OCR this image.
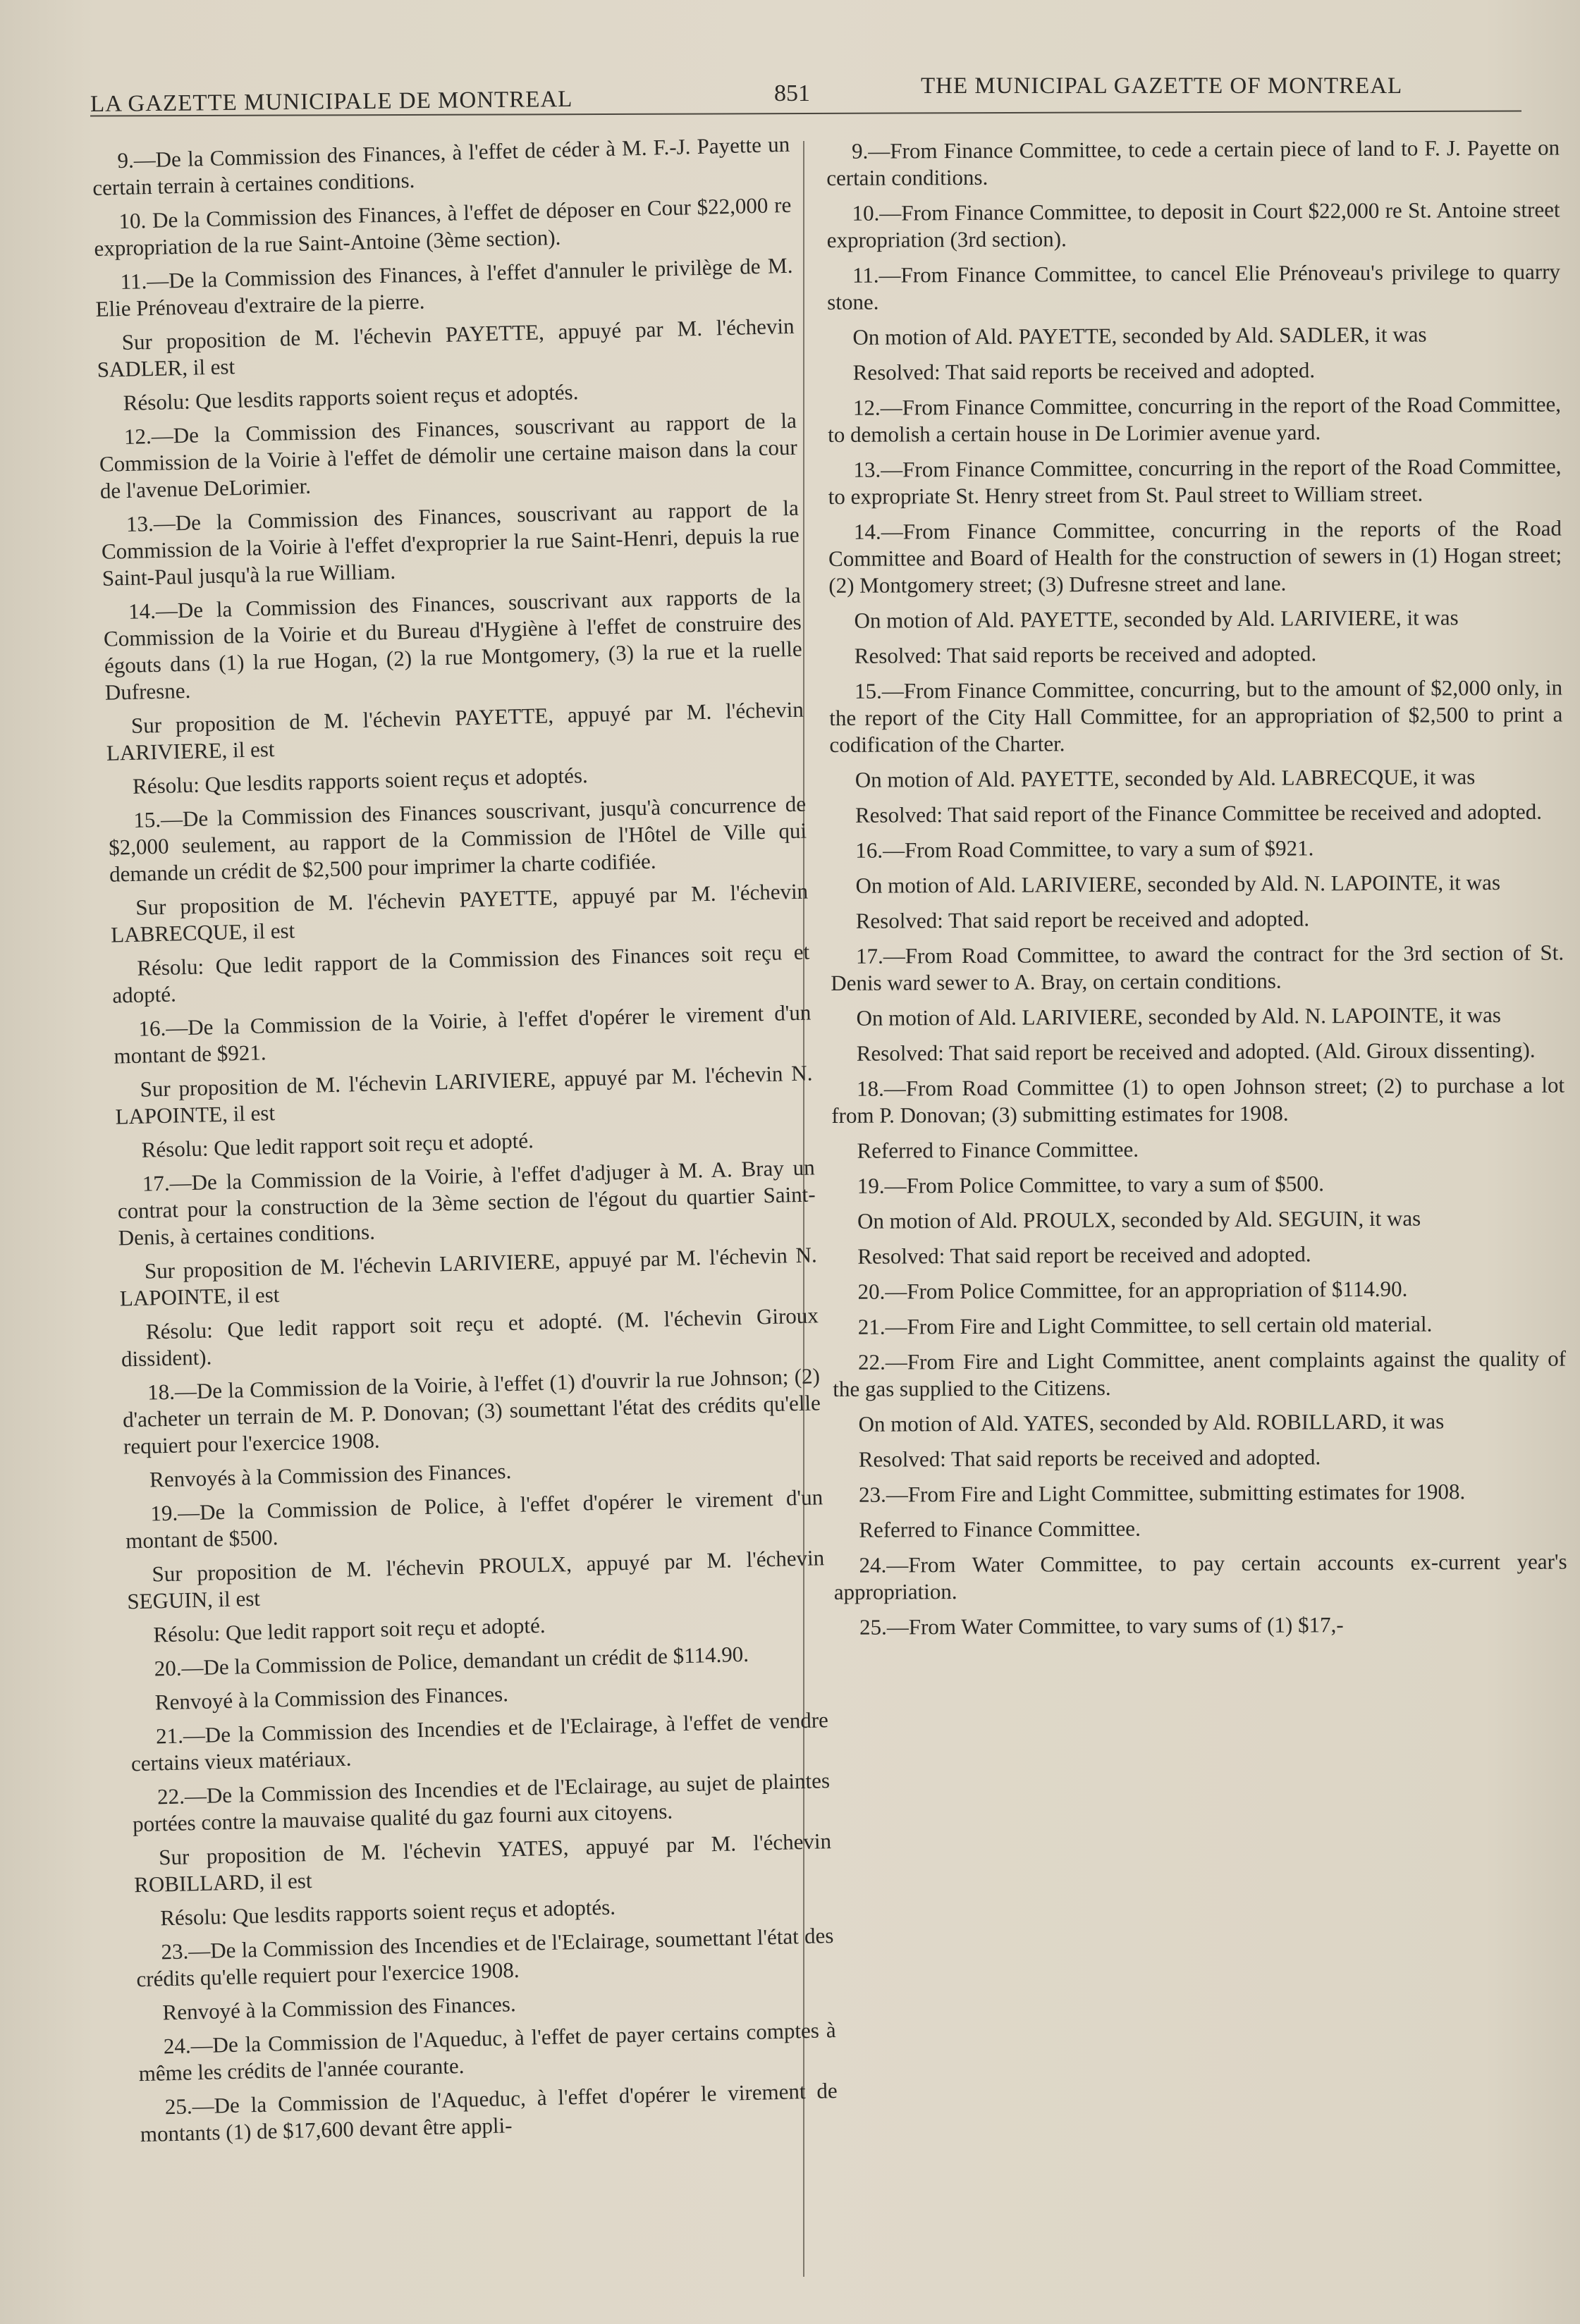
LA GAZETTE MUNICIPALE DE MONTREAL	851	THE MUNICIPAL GAZETTE OF MONTREAL

9.—De la Commission des Finances, à l'effet de céder à M. F.-J. Payette un certain terrain à certaines conditions.

10. De la Commission des Finances, à l'effet de déposer en Cour $22,000 re expropriation de la rue Saint-Antoine (3ème section).

11.—De la Commission des Finances, à l'effet d'annuler le privilège de M. Elie Prénoveau d'extraire de la pierre.

Sur proposition de M. l'échevin PAYETTE, appuyé par M. l'échevin SADLER, il est

Résolu: Que lesdits rapports soient reçus et adoptés.

12.—De la Commission des Finances, souscrivant au rapport de la Commission de la Voirie à l'effet de démolir une certaine maison dans la cour de l'avenue DeLorimier.

13.—De la Commission des Finances, souscrivant au rapport de la Commission de la Voirie à l'effet d'exproprier la rue Saint-Henri, depuis la rue Saint-Paul jusqu'à la rue William.

14.—De la Commission des Finances, souscrivant aux rapports de la Commission de la Voirie et du Bureau d'Hygiène à l'effet de construire des égouts dans (1) la rue Hogan, (2) la rue Montgomery, (3) la rue et la ruelle Dufresne.

Sur proposition de M. l'échevin PAYETTE, appuyé par M. l'échevin LARIVIERE, il est

Résolu: Que lesdits rapports soient reçus et adoptés.

15.—De la Commission des Finances souscrivant, jusqu'à concurrence de $2,000 seulement, au rapport de la Commission de l'Hôtel de Ville qui demande un crédit de $2,500 pour imprimer la charte codifiée.

Sur proposition de M. l'échevin PAYETTE, appuyé par M. l'échevin LABRECQUE, il est

Résolu: Que ledit rapport de la Commission des Finances soit reçu et adopté.

16.—De la Commission de la Voirie, à l'effet d'opérer le virement d'un montant de $921.

Sur proposition de M. l'échevin LARIVIERE, appuyé par M. l'échevin N. LAPOINTE, il est

Résolu: Que ledit rapport soit reçu et adopté.

17.—De la Commission de la Voirie, à l'effet d'adjuger à M. A. Bray un contrat pour la construction de la 3ème section de l'égout du quartier Saint-Denis, à certaines conditions.

Sur proposition de M. l'échevin LARIVIERE, appuyé par M. l'échevin N. LAPOINTE, il est

Résolu: Que ledit rapport soit reçu et adopté. (M. l'échevin Giroux dissident).

18.—De la Commission de la Voirie, à l'effet (1) d'ouvrir la rue Johnson; (2) d'acheter un terrain de M. P. Donovan; (3) soumettant l'état des crédits qu'elle requiert pour l'exercice 1908.

Renvoyés à la Commission des Finances.

19.—De la Commission de Police, à l'effet d'opérer le virement d'un montant de $500.

Sur proposition de M. l'échevin PROULX, appuyé par M. l'échevin SEGUIN, il est

Résolu: Que ledit rapport soit reçu et adopté.

20.—De la Commission de Police, demandant un crédit de $114.90.

Renvoyé à la Commission des Finances.

21.—De la Commission des Incendies et de l'Eclairage, à l'effet de vendre certains vieux matériaux.

22.—De la Commission des Incendies et de l'Eclairage, au sujet de plaintes portées contre la mauvaise qualité du gaz fourni aux citoyens.

Sur proposition de M. l'échevin YATES, appuyé par M. l'échevin ROBILLARD, il est

Résolu: Que lesdits rapports soient reçus et adoptés.

23.—De la Commission des Incendies et de l'Eclairage, soumettant l'état des crédits qu'elle requiert pour l'exercice 1908.

Renvoyé à la Commission des Finances.

24.—De la Commission de l'Aqueduc, à l'effet de payer certains comptes à même les crédits de l'année courante.

25.—De la Commission de l'Aqueduc, à l'effet d'opérer le virement de montants (1) de $17,600 devant être appli-

9.—From Finance Committee, to cede a certain piece of land to F. J. Payette on certain conditions.

10.—From Finance Committee, to deposit in Court $22,000 re St. Antoine street expropriation (3rd section).

11.—From Finance Committee, to cancel Elie Prénoveau's privilege to quarry stone.

On motion of Ald. PAYETTE, seconded by Ald. SADLER, it was

Resolved: That said reports be received and adopted.

12.—From Finance Committee, concurring in the report of the Road Committee, to demolish a certain house in De Lorimier avenue yard.

13.—From Finance Committee, concurring in the report of the Road Committee, to expropriate St. Henry street from St. Paul street to William street.

14.—From Finance Committee, concurring in the reports of the Road Committee and Board of Health for the construction of sewers in (1) Hogan street; (2) Montgomery street; (3) Dufresne street and lane.

On motion of Ald. PAYETTE, seconded by Ald. LARIVIERE, it was

Resolved: That said reports be received and adopted.

15.—From Finance Committee, concurring, but to the amount of $2,000 only, in the report of the City Hall Committee, for an appropriation of $2,500 to print a codification of the Charter.

On motion of Ald. PAYETTE, seconded by Ald. LABRECQUE, it was

Resolved: That said report of the Finance Committee be received and adopted.

16.—From Road Committee, to vary a sum of $921.

On motion of Ald. LARIVIERE, seconded by Ald. N. LAPOINTE, it was

Resolved: That said report be received and adopted.

17.—From Road Committee, to award the contract for the 3rd section of St. Denis ward sewer to A. Bray, on certain conditions.

On motion of Ald. LARIVIERE, seconded by Ald. N. LAPOINTE, it was

Resolved: That said report be received and adopted. (Ald. Giroux dissenting).

18.—From Road Committee (1) to open Johnson street; (2) to purchase a lot from P. Donovan; (3) submitting estimates for 1908.

Referred to Finance Committee.

19.—From Police Committee, to vary a sum of $500.

On motion of Ald. PROULX, seconded by Ald. SEGUIN, it was

Resolved: That said report be received and adopted.

20.—From Police Committee, for an appropriation of $114.90.

21.—From Fire and Light Committee, to sell certain old material.

22.—From Fire and Light Committee, anent complaints against the quality of the gas supplied to the Citizens.

On motion of Ald. YATES, seconded by Ald. ROBILLARD, it was

Resolved: That said reports be received and adopted.

23.—From Fire and Light Committee, submitting estimates for 1908.

Referred to Finance Committee.

24.—From Water Committee, to pay certain accounts ex-current year's appropriation.

25.—From Water Committee, to vary sums of (1) $17,-
